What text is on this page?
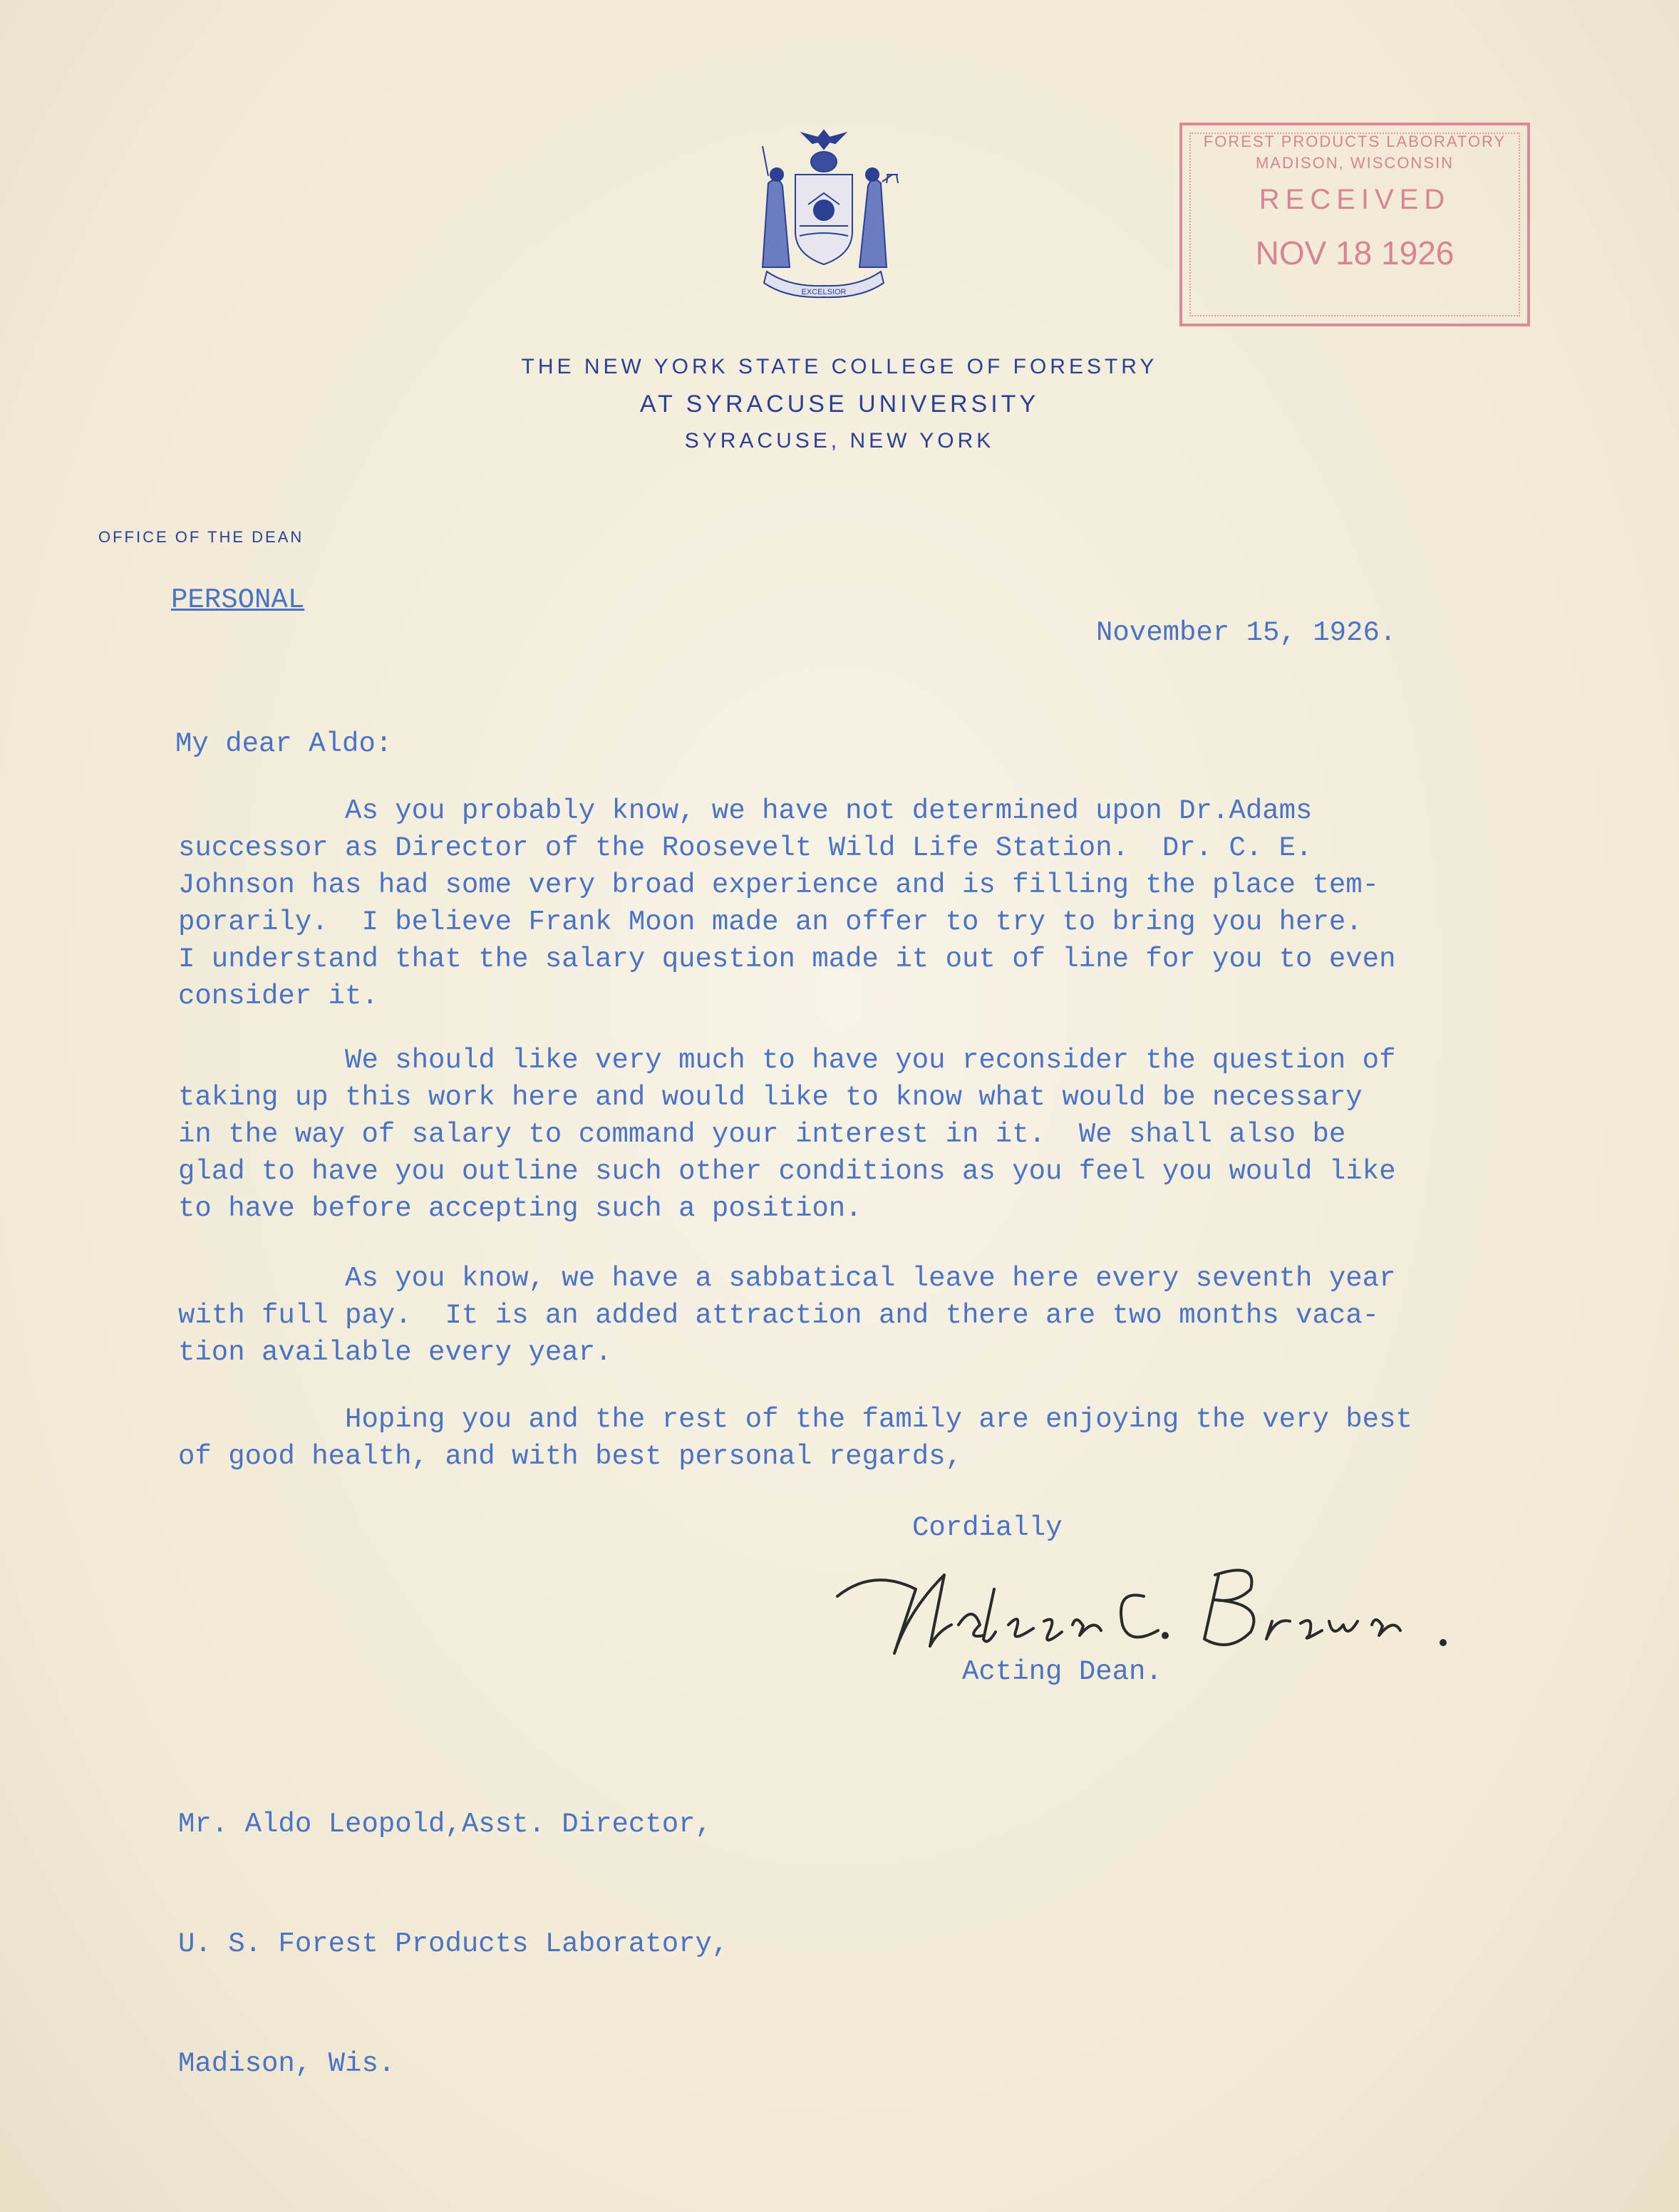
EXCELSIOR
THE NEW YORK STATE COLLEGE OF FORESTRY
AT SYRACUSE UNIVERSITY
SYRACUSE, NEW YORK
OFFICE OF THE DEAN
FOREST PRODUCTS LABORATORY
MADISON, WISCONSIN
RECEIVED
NOV 18 1926
PERSONAL
November 15, 1926.
My dear Aldo:
As you probably know, we have not determined upon Dr.Adams
successor as Director of the Roosevelt Wild Life Station.  Dr. C. E.
Johnson has had some very broad experience and is filling the place tem-
porarily.  I believe Frank Moon made an offer to try to bring you here.
I understand that the salary question made it out of line for you to even
consider it.
We should like very much to have you reconsider the question of
taking up this work here and would like to know what would be necessary
in the way of salary to command your interest in it.  We shall also be
glad to have you outline such other conditions as you feel you would like
to have before accepting such a position.
As you know, we have a sabbatical leave here every seventh year
with full pay.  It is an added attraction and there are two months vaca-
tion available every year.
Hoping you and the rest of the family are enjoying the very best
of good health, and with best personal regards,
Cordially
Acting Dean.

Mr. Aldo Leopold,Asst. Director,

U. S. Forest Products Laboratory,

Madison, Wis.
